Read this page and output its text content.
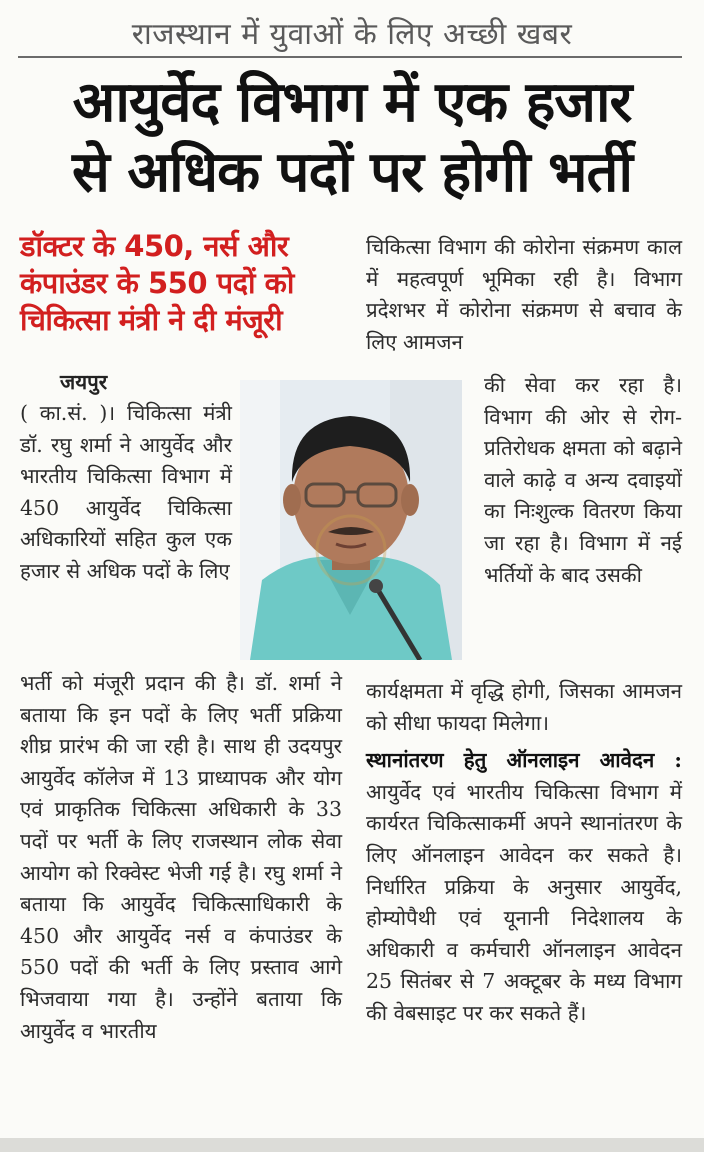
राजस्थान में युवाओं के लिए अच्छी खबर
आयुर्वेद विभाग में एक हजार
से अधिक पदों पर होगी भर्ती
डॉक्टर के 450, नर्स और
कंपाउंडर के 550 पदों को
चिकित्सा मंत्री ने दी मंजूरी
जयपुर

( का.सं. )। चिकित्सा मंत्री डॉ. रघु शर्मा ने आयुर्वेद और भारतीय चिकित्सा विभाग में 450 आयुर्वेद चिकित्सा अधिकारियों सहित कुल एक हजार से अधिक पदों के लिए

भर्ती को मंजूरी प्रदान की है। डॉ. शर्मा ने बताया कि इन पदों के लिए भर्ती प्रक्रिया शीघ्र प्रारंभ की जा रही है। साथ ही उदयपुर आयुर्वेद कॉलेज में 13 प्राध्यापक और योग एवं प्राकृतिक चिकित्सा अधिकारी के 33 पदों पर भर्ती के लिए राजस्थान लोक सेवा आयोग को रिक्वेस्ट भेजी गई है। रघु शर्मा ने बताया कि आयुर्वेद चिकित्साधिकारी के 450 और आयुर्वेद नर्स व कंपाउंडर के 550 पदों की भर्ती के लिए प्रस्ताव आगे भिजवाया गया है। उन्होंने बताया कि आयुर्वेद व भारतीय

चिकित्सा विभाग की कोरोना संक्रमण काल में महत्वपूर्ण भूमिका रही है। विभाग प्रदेशभर में कोरोना संक्रमण से बचाव के लिए आमजन

की सेवा कर रहा है। विभाग की ओर से रोग-प्रतिरोधक क्षमता को बढ़ाने वाले काढ़े व अन्य दवाइयों का निःशुल्क वितरण किया जा रहा है। विभाग में नई भर्तियों के बाद उसकी

कार्यक्षमता में वृद्धि होगी, जिसका आमजन को सीधा फायदा मिलेगा।

स्थानांतरण हेतु ऑनलाइन आवेदन : आयुर्वेद एवं भारतीय चिकित्सा विभाग में कार्यरत चिकित्साकर्मी अपने स्थानांतरण के लिए ऑनलाइन आवेदन कर सकते है। निर्धारित प्रक्रिया के अनुसार आयुर्वेद, होम्योपैथी एवं यूनानी निदेशालय के अधिकारी व कर्मचारी ऑनलाइन आवेदन 25 सितंबर से 7 अक्टूबर के मध्य विभाग की वेबसाइट पर कर सकते हैं।
